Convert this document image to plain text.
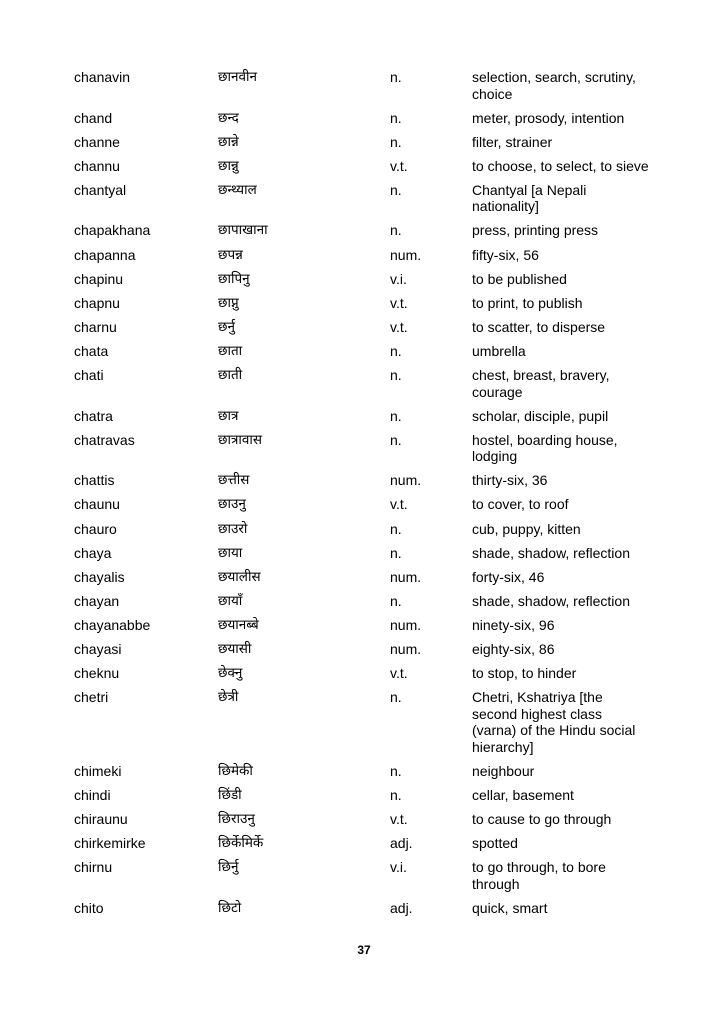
chanavin	छानवीन	n.	selection, search, scrutiny, choice
chand	छन्द	n.	meter, prosody, intention
channe	छान्ने	n.	filter, strainer
channu	छान्नु	v.t.	to choose, to select, to sieve
chantyal	छन्थ्याल	n.	Chantyal [a Nepali nationality]
chapakhana	छापाखाना	n.	press, printing press
chapanna	छपन्न	num.	fifty-six, 56
chapinu	छापिनु	v.i.	to be published
chapnu	छाप्नु	v.t.	to print, to publish
charnu	छर्नु	v.t.	to scatter, to disperse
chata	छाता	n.	umbrella
chati	छाती	n.	chest, breast, bravery, courage
chatra	छात्र	n.	scholar, disciple, pupil
chatravas	छात्रावास	n.	hostel, boarding house, lodging
chattis	छत्तीस	num.	thirty-six, 36
chaunu	छाउनु	v.t.	to cover, to roof
chauro	छाउरो	n.	cub, puppy, kitten
chaya	छाया	n.	shade, shadow, reflection
chayalis	छयालीस	num.	forty-six, 46
chayan	छायाँ	n.	shade, shadow, reflection
chayanabbe	छयानब्बे	num.	ninety-six, 96
chayasi	छयासी	num.	eighty-six, 86
cheknu	छेक्नु	v.t.	to stop, to hinder
chetri	छेत्री	n.	Chetri, Kshatriya [the second highest class (varna) of the Hindu social hierarchy]
chimeki	छिमेकी	n.	neighbour
chindi	छिंडी	n.	cellar, basement
chiraunu	छिराउनु	v.t.	to cause to go through
chirkemirke	छिर्केमिर्के	adj.	spotted
chirnu	छिर्नु	v.i.	to go through, to bore through
chito	छिटो	adj.	quick, smart
37
